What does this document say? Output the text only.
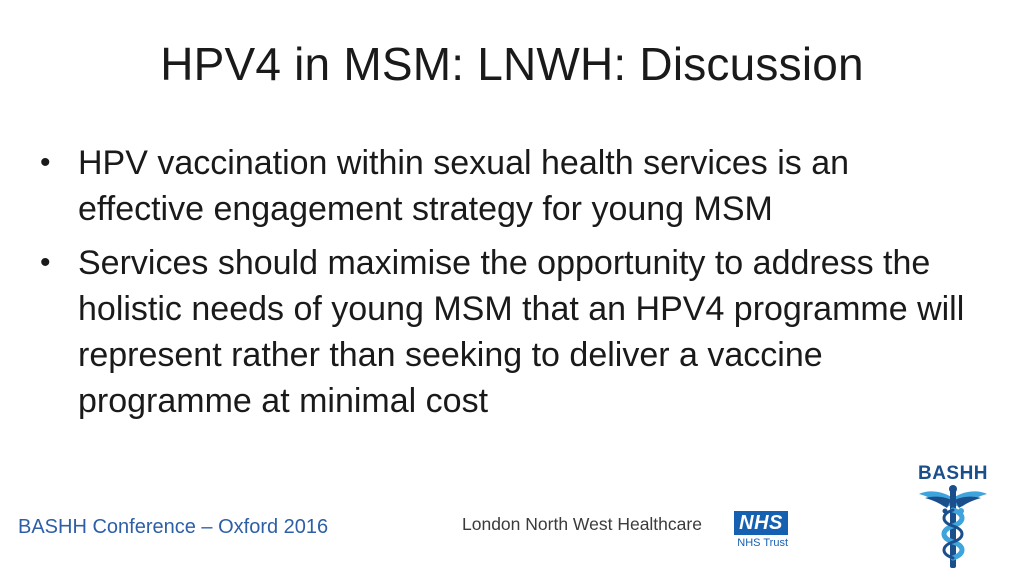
HPV4 in MSM: LNWH: Discussion
• HPV vaccination within sexual health services is an effective engagement strategy for young MSM
• Services should maximise the opportunity to address the holistic needs of young MSM that an HPV4 programme will represent rather than seeking to deliver a vaccine programme at minimal cost
BASHH Conference – Oxford 2016	London North West Healthcare NHS
NHS Trust
BASHH
